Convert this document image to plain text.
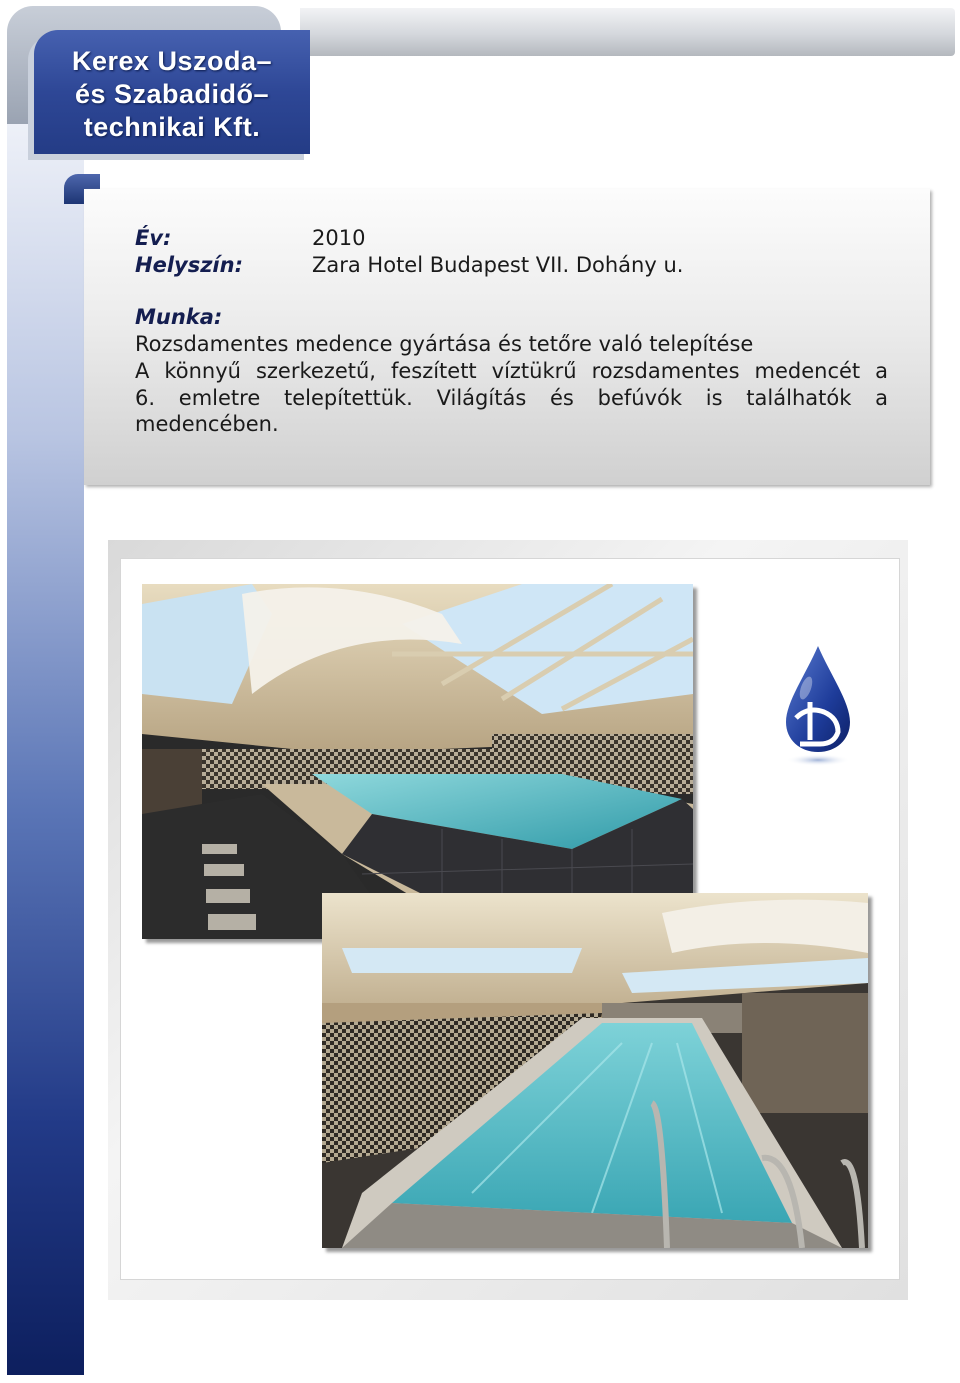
Kerex Uszoda–
és Szabadidő–
technikai Kft.
Év:	2010
Helyszín:	Zara Hotel Budapest VII. Dohány u.
Munka:
Rozsdamentes medence gyártása és tetőre való telepítése
A könnyű szerkezetű, feszített víztükrű rozsdamentes medencét a
6. emletre telepítettük. Világítás és befúvók is találhatók a
medencében.
